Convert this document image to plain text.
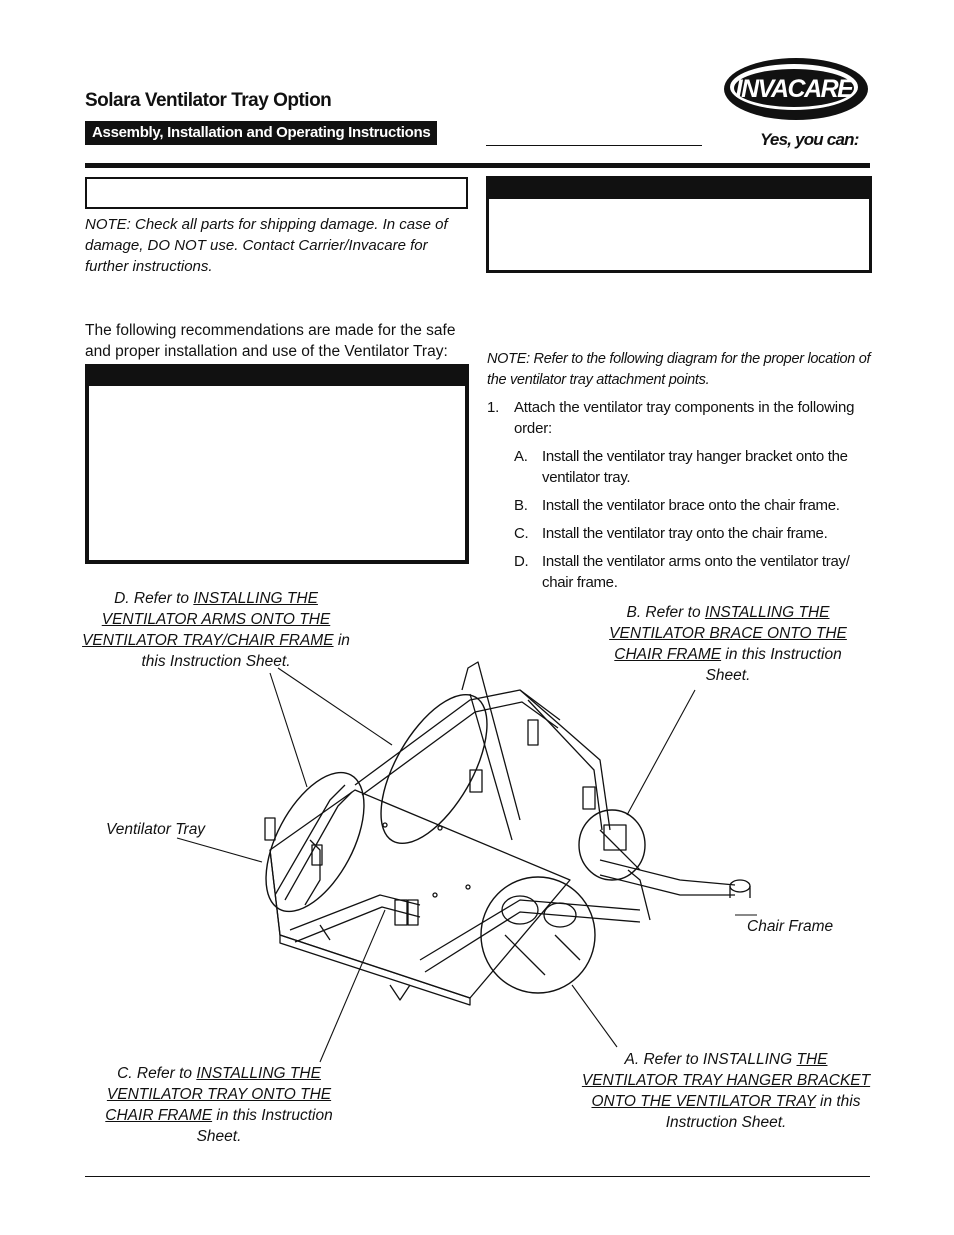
Solara Ventilator Tray Option
Assembly, Installation and Operating Instructions
INVACARE
Yes, you can:
NOTE: Check all parts for shipping damage. In case of damage, DO NOT use. Contact Carrier/Invacare for further instructions.
The following recommendations are made for the safe and proper installation and use of the Ventilator Tray:	NOTE: Refer to the following diagram for the proper location of the ventilator tray attachment points.
1. Attach the ventilator tray components in the following order:
A. Install the ventilator tray hanger bracket onto the ventilator tray.
B. Install the ventilator brace onto the chair frame.
C. Install the ventilator tray onto the chair frame.
D. Install the ventilator arms onto the ventilator tray/ chair frame.
D. Refer to INSTALLING THE VENTILATOR ARMS ONTO THE VENTILATOR TRAY/CHAIR FRAME in this Instruction Sheet.
B. Refer to INSTALLING THE VENTILATOR BRACE ONTO THE CHAIR FRAME in this Instruction Sheet.
C. Refer to INSTALLING THE VENTILATOR TRAY ONTO THE CHAIR FRAME in this Instruction Sheet.
A. Refer to INSTALLING THE VENTILATOR TRAY HANGER BRACKET ONTO THE VENTILATOR TRAY in this Instruction Sheet.
Ventilator Tray
Chair Frame
